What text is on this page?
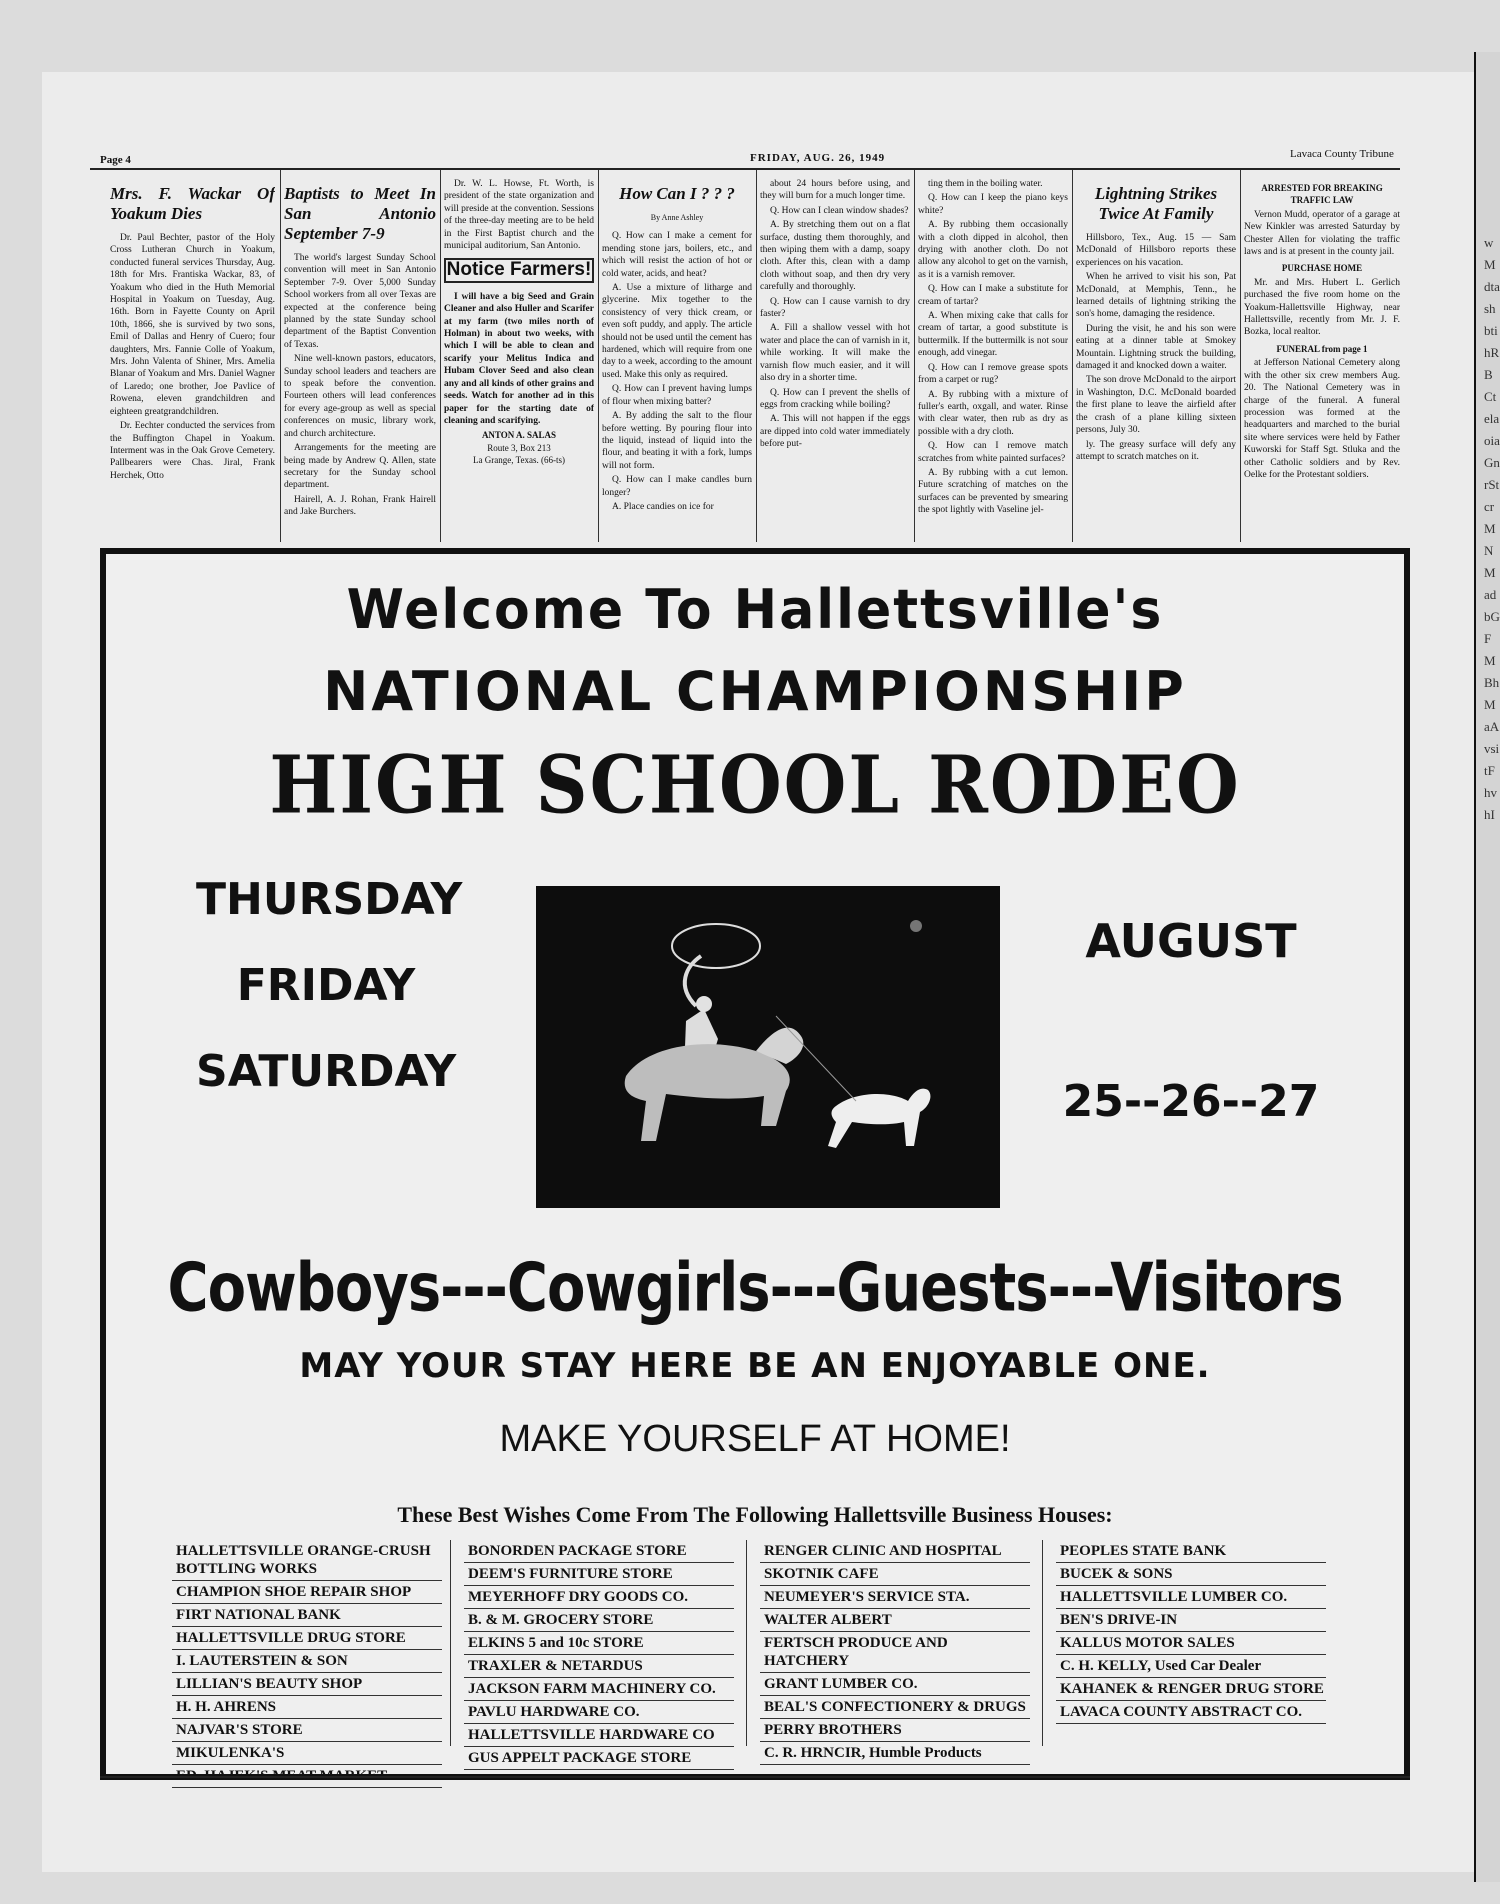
wMdtashbtihRBCtelaoiaGnrStcrMNMadbGFMBhMaAvsitFhvhI
Page 4	FRIDAY, AUG. 26, 1949	Lavaca County Tribune
Mrs. F. Wackar Of Yoakum Dies

Dr. Paul Bechter, pastor of the Holy Cross Lutheran Church in Yoakum, conducted funeral services Thursday, Aug. 18th for Mrs. Frantiska Wackar, 83, of Yoakum who died in the Huth Memorial Hospital in Yoakum on Tuesday, Aug. 16th. Born in Fayette County on April 10th, 1866, she is survived by two sons, Emil of Dallas and Henry of Cuero; four daughters, Mrs. Fannie Colle of Yoakum, Mrs. John Valenta of Shiner, Mrs. Amelia Blanar of Yoakum and Mrs. Daniel Wagner of Laredo; one brother, Joe Pavlice of Rowena, eleven grandchildren and eighteen greatgrandchildren.

Dr. Eechter conducted the services from the Buffington Chapel in Yoakum. Interment was in the Oak Grove Cemetery. Pallbearers were Chas. Jiral, Frank Herchek, Otto

Baptists to Meet In San Antonio September 7-9

The world's largest Sunday School convention will meet in San Antonio September 7-9. Over 5,000 Sunday School workers from all over Texas are expected at the conference being planned by the state Sunday school department of the Baptist Convention of Texas.

Nine well-known pastors, educators, Sunday school leaders and teachers are to speak before the convention. Fourteen others will lead conferences for every age-group as well as special conferences on music, library work, and church architecture.

Arrangements for the meeting are being made by Andrew Q. Allen, state secretary for the Sunday school department.

Hairell, A. J. Rohan, Frank Hairell and Jake Burchers.

Dr. W. L. Howse, Ft. Worth, is president of the state organization and will preside at the convention. Sessions of the three-day meeting are to be held in the First Baptist church and the municipal auditorium, San Antonio.

Notice Farmers!

I will have a big Seed and Grain Cleaner and also Huller and Scarifer at my farm (two miles north of Holman) in about two weeks, with which I will be able to clean and scarify your Melitus Indica and Hubam Clover Seed and also clean any and all kinds of other grains and seeds. Watch for another ad in this paper for the starting date of cleaning and scarifying.

ANTON A. SALAS
Route 3, Box 213
La Grange, Texas. (66-ts)
How Can I ? ? ?
By Anne Ashley

Q. How can I make a cement for mending stone jars, boilers, etc., and which will resist the action of hot or cold water, acids, and heat?

A. Use a mixture of litharge and glycerine. Mix together to the consistency of very thick cream, or even soft puddy, and apply. The article should not be used until the cement has hardened, which will require from one day to a week, according to the amount used. Make this only as required.

Q. How can I prevent having lumps of flour when mixing batter?

A. By adding the salt to the flour before wetting. By pouring flour into the liquid, instead of liquid into the flour, and beating it with a fork, lumps will not form.

Q. How can I make candles burn longer?

A. Place candies on ice for

about 24 hours before using, and they will burn for a much longer time.

Q. How can I clean window shades?

A. By stretching them out on a flat surface, dusting them thoroughly, and then wiping them with a damp, soapy cloth. After this, clean with a damp cloth without soap, and then dry very carefully and thoroughly.

Q. How can I cause varnish to dry faster?

A. Fill a shallow vessel with hot water and place the can of varnish in it, while working. It will make the varnish flow much easier, and it will also dry in a shorter time.

Q. How can I prevent the shells of eggs from cracking while boiling?

A. This will not happen if the eggs are dipped into cold water immediately before put-

ting them in the boiling water.

Q. How can I keep the piano keys white?

A. By rubbing them occasionally with a cloth dipped in alcohol, then drying with another cloth. Do not allow any alcohol to get on the varnish, as it is a varnish remover.

Q. How can I make a substitute for cream of tartar?

A. When mixing cake that calls for cream of tartar, a good substitute is buttermilk. If the buttermilk is not sour enough, add vinegar.

Q. How can I remove grease spots from a carpet or rug?

A. By rubbing with a mixture of fuller's earth, oxgall, and water. Rinse with clear water, then rub as dry as possible with a dry cloth.

Q. How can I remove match scratches from white painted surfaces?

A. By rubbing with a cut lemon. Future scratching of matches on the surfaces can be prevented by smearing the spot lightly with Vaseline jel-

Lightning Strikes Twice At Family

Hillsboro, Tex., Aug. 15 — Sam McDonald of Hillsboro reports these experiences on his vacation.

When he arrived to visit his son, Pat McDonald, at Memphis, Tenn., he learned details of lightning striking the son's home, damaging the residence.

During the visit, he and his son were eating at a dinner table at Smokey Mountain. Lightning struck the building, damaged it and knocked down a waiter.

The son drove McDonald to the airport in Washington, D.C. McDonald boarded the first plane to leave the airfield after the crash of a plane killing sixteen persons, July 30.

ly. The greasy surface will defy any attempt to scratch matches on it.

ARRESTED FOR BREAKING TRAFFIC LAW

Vernon Mudd, operator of a garage at New Kinkler was arrested Saturday by Chester Allen for violating the traffic laws and is at present in the county jail.

PURCHASE HOME

Mr. and Mrs. Hubert L. Gerlich purchased the five room home on the Yoakum-Hallettsville Highway, near Hallettsville, recently from Mr. J. F. Bozka, local realtor.

FUNERAL from page 1

at Jefferson National Cemetery along with the other six crew members Aug. 20. The National Cemetery was in charge of the funeral. A funeral procession was formed at the headquarters and marched to the burial site where services were held by Father Kuworski for Staff Sgt. Stluka and the other Catholic soldiers and by Rev. Oelke for the Protestant soldiers.

Welcome To Hallettsville's
NATIONAL CHAMPIONSHIP
HIGH SCHOOL RODEO
THURSDAY
FRIDAY
SATURDAY
AUGUST
25--26--27
Cowboys---Cowgirls---Guests---Visitors
MAY YOUR STAY HERE BE AN ENJOYABLE ONE.
MAKE YOURSELF AT HOME!
These Best Wishes Come From The Following Hallettsville Business Houses:
HALLETTSVILLE ORANGE-CRUSH BOTTLING WORKS
CHAMPION SHOE REPAIR SHOP
FIRT NATIONAL BANK
HALLETTSVILLE DRUG STORE
I. LAUTERSTEIN & SON
LILLIAN'S BEAUTY SHOP
H. H. AHRENS
NAJVAR'S STORE
MIKULENKA'S
ED. HAJEK'S MEAT MARKET
BONORDEN PACKAGE STORE
DEEM'S FURNITURE STORE
MEYERHOFF DRY GOODS CO.
B. & M. GROCERY STORE
ELKINS 5 and 10c STORE
TRAXLER & NETARDUS
JACKSON FARM MACHINERY CO.
PAVLU HARDWARE CO.
HALLETTSVILLE HARDWARE CO
GUS APPELT PACKAGE STORE
RENGER CLINIC AND HOSPITAL
SKOTNIK CAFE
NEUMEYER'S SERVICE STA.
WALTER ALBERT
FERTSCH PRODUCE AND HATCHERY
GRANT LUMBER CO.
BEAL'S CONFECTIONERY & DRUGS
PERRY BROTHERS
C. R. HRNCIR, Humble Products
PEOPLES STATE BANK
BUCEK & SONS
HALLETTSVILLE LUMBER CO.
BEN'S DRIVE-IN
KALLUS MOTOR SALES
C. H. KELLY, Used Car Dealer
KAHANEK & RENGER DRUG STORE
LAVACA COUNTY ABSTRACT CO.
